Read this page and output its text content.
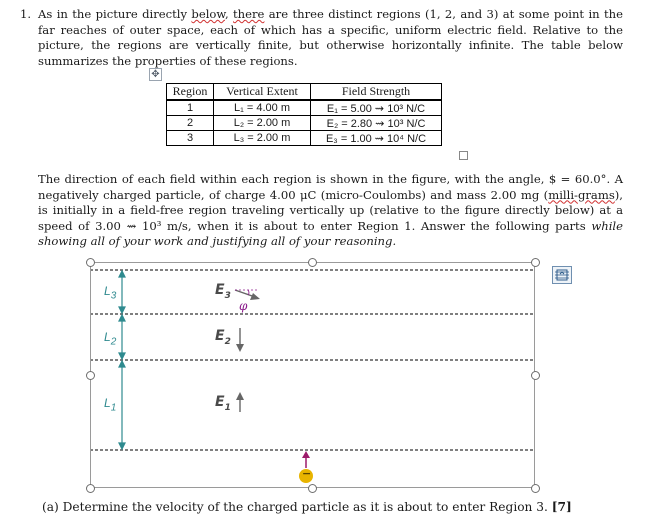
1. As in the picture directly below, there are three distinct regions (1, 2, and 3) at some point in the far reaches of outer space, each of which has a specific, uniform electric field. Relative to the picture, the regions are vertically finite, but otherwise horizontally infinite. The table below summarizes the properties of these regions.
✥
Region	Vertical Extent	Field Strength
1	L₁ = 4.00 m	E₁ = 5.00 ⇝ 10³ N/C
2	L₂ = 2.00 m	E₂ = 2.80 ⇝ 10³ N/C
3	L₃ = 2.00 m	E₃ = 1.00 ⇝ 10⁴ N/C
The direction of each field within each region is shown in the figure, with the angle, $ = 60.0°. A negatively charged particle, of charge 4.00 μC (micro-Coulombs) and mass 2.00 mg (milli-grams), is initially in a field-free region traveling vertically up (relative to the figure directly below) at a speed of 3.00 ⇝ 10³ m/s, when it is about to enter Region 1. Answer the following parts while showing all of your work and justifying all of your reasoning.
$L_3$
$L_2$
$L_1$
$E_3$
$E_2$
$E_1$
φ
−
(a) Determine the velocity of the charged particle as it is about to enter Region 3. [7]
